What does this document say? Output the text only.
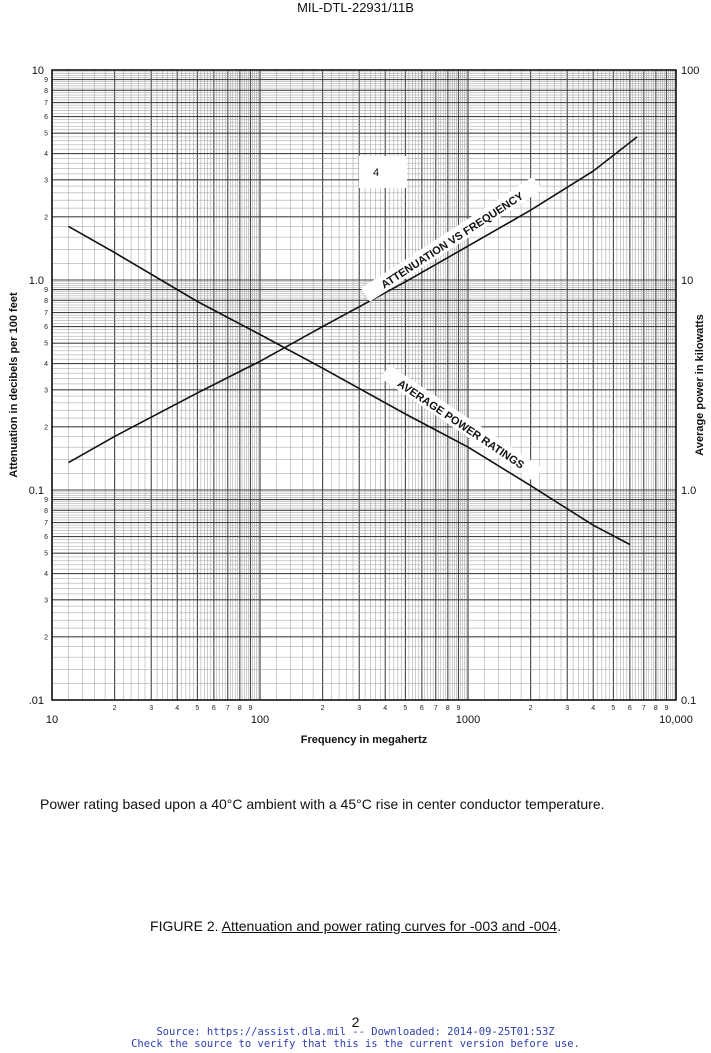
MIL-DTL-22931/11B
10	100	1000	10,000
2	3	4 5 6 7 8 9	2	3	4 5 6 7 8 9	2	3	4 5 6 7 8 9
.01
0.1
1.0
10
2
3
4
5
6
7
8
9
2
3
4
5
6
7
8
9
2
3
4
5
6
7
8
9
0.1
1.0
10
100
Frequency in megahertz
Attenuation in decibels per 100 feet	Average power in kilowatts
ATTENUATION VS FREQUENCY
AVERAGE POWER RATINGS
4
Power rating based upon a 40°C ambient with a 45°C rise in center conductor temperature.
FIGURE 2. Attenuation and power rating curves for -003 and -004.
2
Source: https://assist.dla.mil -- Downloaded: 2014-09-25T01:53Z
Check the source to verify that this is the current version before use.
